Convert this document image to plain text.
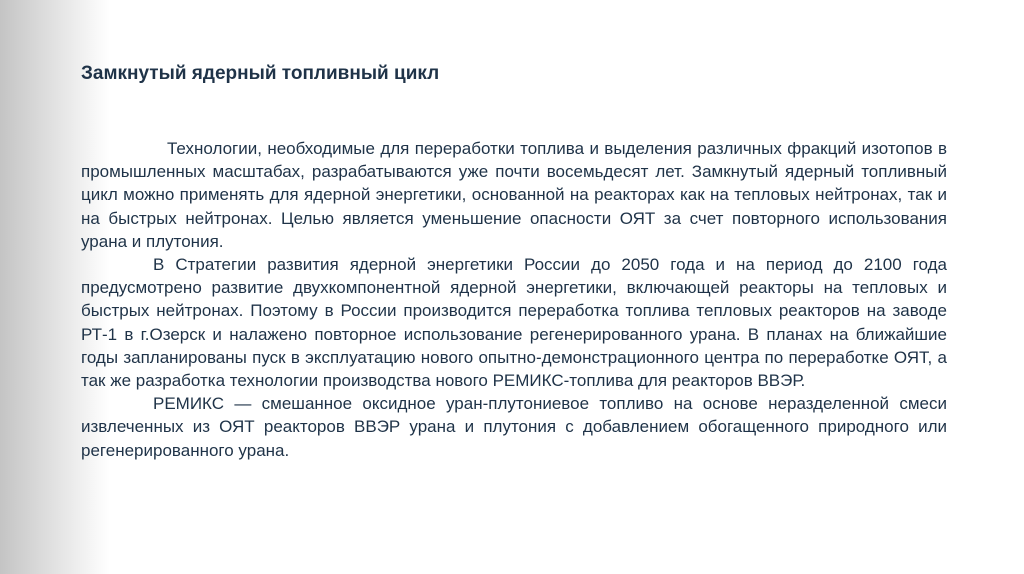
Замкнутый ядерный топливный цикл

Технологии, необходимые для переработки топлива и выделения различных фракций изотопов в промышленных масштабах, разрабатываются уже почти восемьдесят лет. Замкнутый ядерный топливный цикл можно применять для ядерной энергетики, основанной на реакторах как на тепловых нейтронах, так и на быстрых нейтронах. Целью является уменьшение опасности ОЯТ за счет повторного использования урана и плутония.

В Стратегии развития ядерной энергетики России до 2050 года и на период до 2100 года предусмотрено развитие двухкомпонентной ядерной энергетики, включающей реакторы на тепловых и быстрых нейтронах. Поэтому в России производится переработка топлива тепловых реакторов на заводе РТ-1 в г.Озерск и налажено повторное использование регенерированного урана. В планах на ближайшие годы запланированы пуск в эксплуатацию нового опытно-демонстрационного центра по переработке ОЯТ, а так же разработка технологии производства нового РЕМИКС-топлива для реакторов ВВЭР.

РЕМИКС — смешанное оксидное уран-плутониевое топливо на основе неразделенной смеси извлеченных из ОЯТ реакторов ВВЭР урана и плутония с добавлением обогащенного природного или регенерированного урана.
